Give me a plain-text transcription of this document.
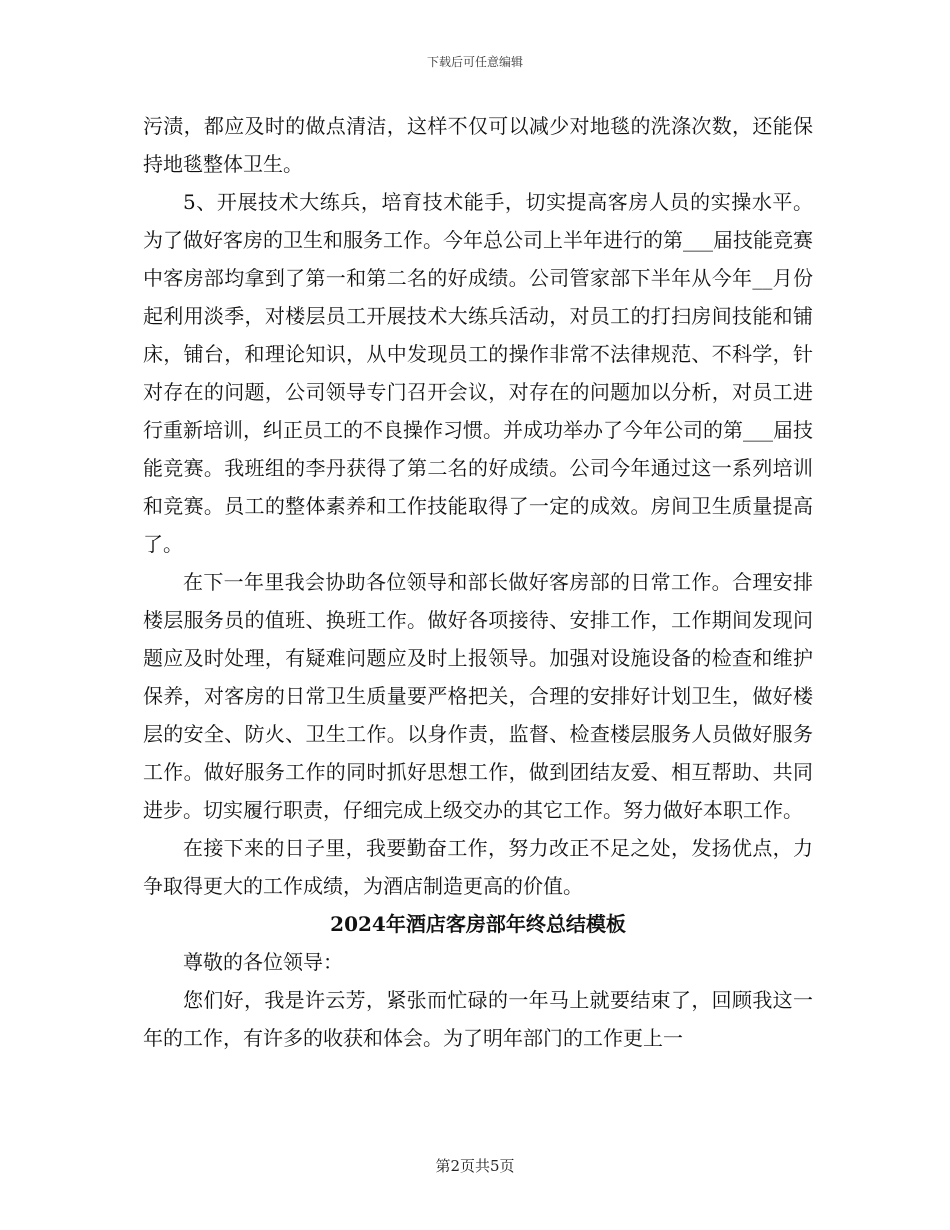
下载后可任意编辑

污渍，都应及时的做点清洁，这样不仅可以减少对地毯的洗涤次数，还能保持地毯整体卫生。

5、开展技术大练兵，培育技术能手，切实提高客房人员的实操水平。为了做好客房的卫生和服务工作。今年总公司上半年进行的第___届技能竞赛中客房部均拿到了第一和第二名的好成绩。公司管家部下半年从今年__月份起利用淡季，对楼层员工开展技术大练兵活动，对员工的打扫房间技能和铺床，铺台，和理论知识，从中发现员工的操作非常不法律规范、不科学，针对存在的问题，公司领导专门召开会议，对存在的问题加以分析，对员工进行重新培训，纠正员工的不良操作习惯。并成功举办了今年公司的第___届技能竞赛。我班组的李丹获得了第二名的好成绩。公司今年通过这一系列培训和竞赛。员工的整体素养和工作技能取得了一定的成效。房间卫生质量提高了。

在下一年里我会协助各位领导和部长做好客房部的日常工作。合理安排楼层服务员的值班、换班工作。做好各项接待、安排工作，工作期间发现问题应及时处理，有疑难问题应及时上报领导。加强对设施设备的检查和维护保养，对客房的日常卫生质量要严格把关，合理的安排好计划卫生，做好楼层的安全、防火、卫生工作。以身作责，监督、检查楼层服务人员做好服务工作。做好服务工作的同时抓好思想工作，做到团结友爱、相互帮助、共同进步。切实履行职责，仔细完成上级交办的其它工作。努力做好本职工作。

在接下来的日子里，我要勤奋工作，努力改正不足之处，发扬优点，力争取得更大的工作成绩，为酒店制造更高的价值。

2024年酒店客房部年终总结模板

尊敬的各位领导：

您们好，我是许云芳，紧张而忙碌的一年马上就要结束了，回顾我这一年的工作，有许多的收获和体会。为了明年部门的工作更上一

第2页共5页
